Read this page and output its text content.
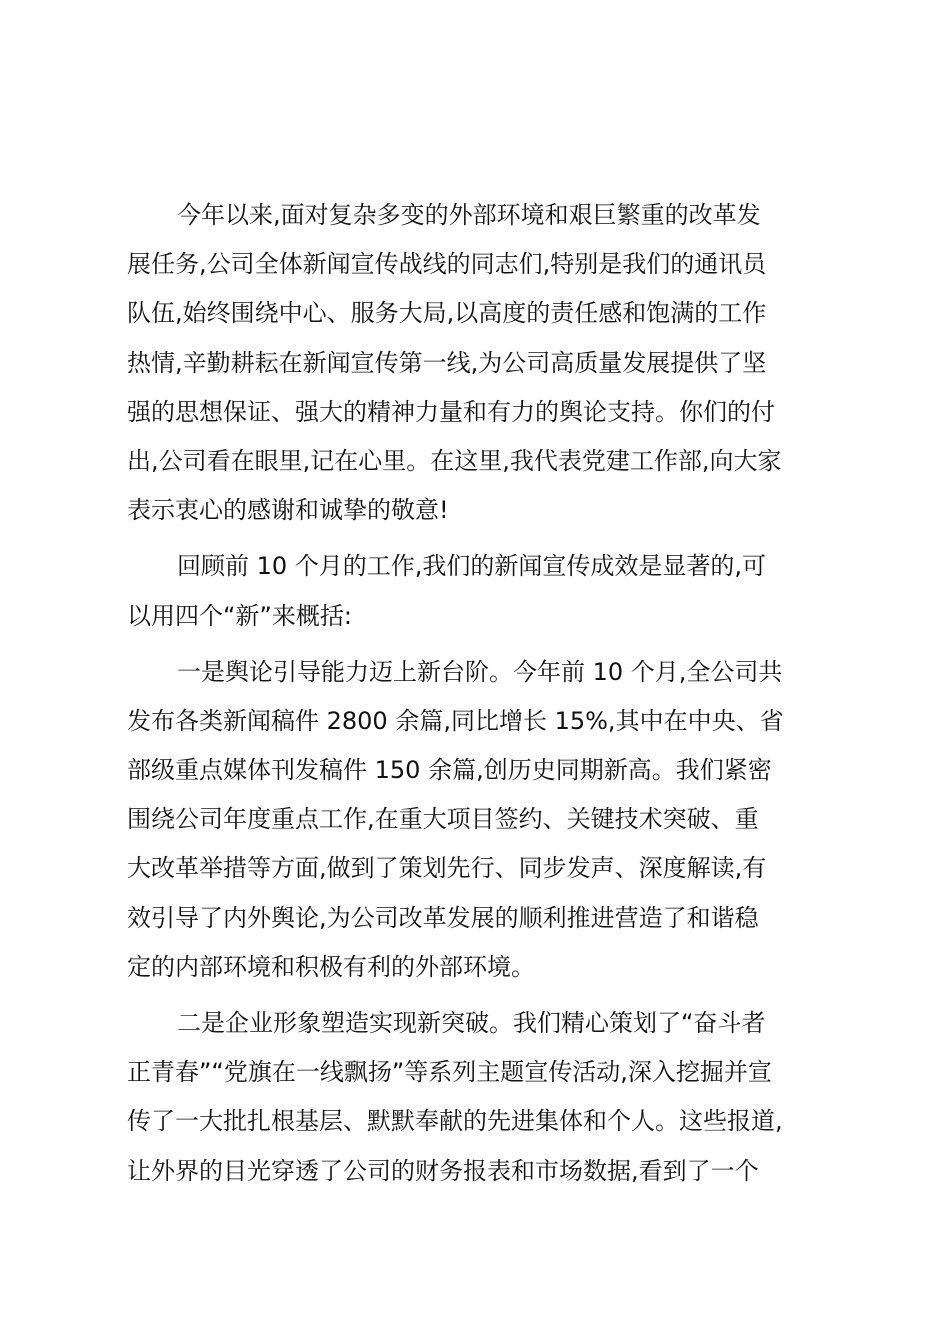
今年以来,面对复杂多变的外部环境和艰巨繁重的改革发
展任务,公司全体新闻宣传战线的同志们,特别是我们的通讯员
队伍,始终围绕中心、服务大局,以高度的责任感和饱满的工作
热情,辛勤耕耘在新闻宣传第一线,为公司高质量发展提供了坚
强的思想保证、强大的精神力量和有力的舆论支持。你们的付
出,公司看在眼里,记在心里。在这里,我代表党建工作部,向大家
表示衷心的感谢和诚挚的敬意!

回顾前 10 个月的工作,我们的新闻宣传成效是显著的,可
以用四个“新”来概括:

一是舆论引导能力迈上新台阶。今年前 10 个月,全公司共
发布各类新闻稿件 2800 余篇,同比增长 15%,其中在中央、省
部级重点媒体刊发稿件 150 余篇,创历史同期新高。我们紧密
围绕公司年度重点工作,在重大项目签约、关键技术突破、重
大改革举措等方面,做到了策划先行、同步发声、深度解读,有
效引导了内外舆论,为公司改革发展的顺利推进营造了和谐稳
定的内部环境和积极有利的外部环境。

二是企业形象塑造实现新突破。我们精心策划了“奋斗者
正青春”“党旗在一线飘扬”等系列主题宣传活动,深入挖掘并宣
传了一大批扎根基层、默默奉献的先进集体和个人。这些报道,
让外界的目光穿透了公司的财务报表和市场数据,看到了一个
